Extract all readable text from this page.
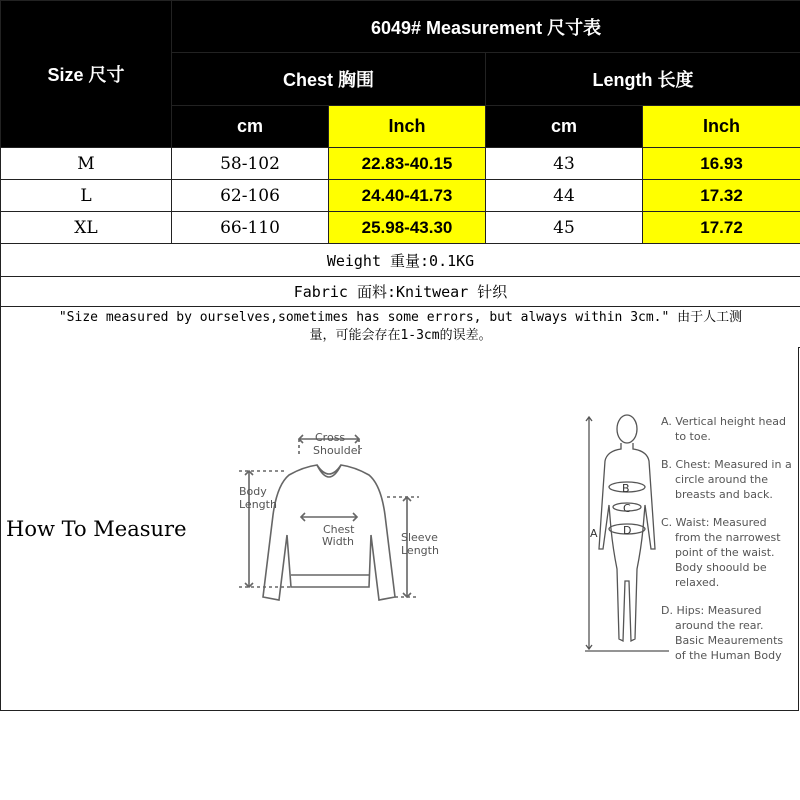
Size 尺寸	6049# Measurement 尺寸表			
	Chest 胸围		Length 长度	
	cm	Inch	cm	Inch
M	58-102	22.83-40.15	43	16.93
L	62-106	24.40-41.73	44	17.32
XL	66-110	25.98-43.30	45	17.72
Weight 重量:0.1KG				
Fabric 面料:Knitwear 针织				

"Size measured by ourselves,sometimes has some errors, but always within 3cm." 由于人工测
量，可能会存在1-3cm的误差。				
How To Measure
Cross Shoulder
Body Length
Chest Width	Sleeve Length
B
C
D
A
A. Vertical height head to toe.
B. Chest: Measured in a circle around the breasts and back.
C. Waist: Measured from the narrowest point of the waist. Body shoould be relaxed.
D. Hips: Measured around the rear. Basic Meaurements of the Human Body
